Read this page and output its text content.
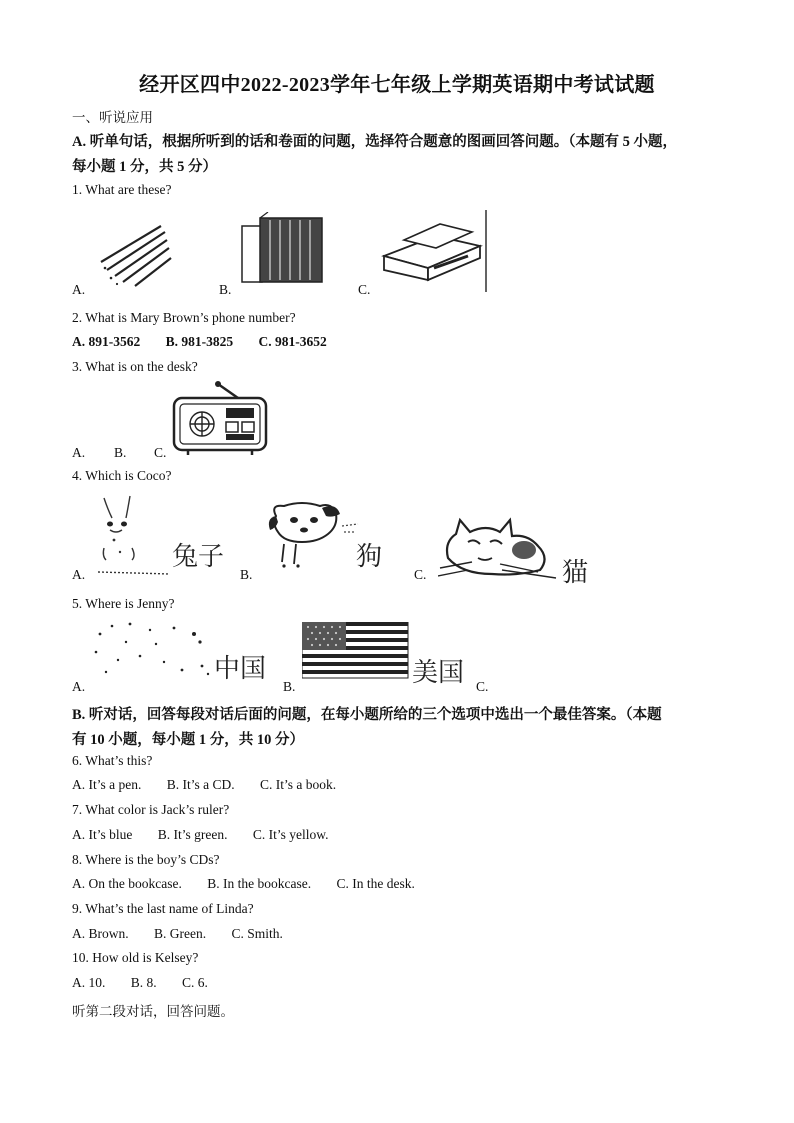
经开区四中2022-2023学年七年级上学期英语期中考试试题
一、听说应用
A. 听单句话，根据所听到的话和卷面的问题，选择符合题意的图画回答问题。（本题有 5 小题，
每小题 1 分，共 5 分）
1. What are these?
A.	B.	C.
2. What is Mary Brown’s phone number?
A. 891-3562 B. 981-3825 C. 981-3652
3. What is on the desk?
A. B. C.
4. Which is Coco?
兔子
A.
狗
B.	猫
C.
5. Where is Jenny?
中国
A.	美国
B.	C.
B. 听对话，回答每段对话后面的问题，在每小题所给的三个选项中选出一个最佳答案。（本题
有 10 小题，每小题 1 分，共 10 分）
6. What’s this?
A. It’s a pen. B. It’s a CD. C. It’s a book.
7. What color is Jack’s ruler?
A. It’s blue B. It’s green. C. It’s yellow.
8. Where is the boy’s CDs?
A. On the bookcase. B. In the bookcase. C. In the desk.
9. What’s the last name of Linda?
A. Brown. B. Green. C. Smith.
10. How old is Kelsey?
A. 10. B. 8. C. 6.
听第二段对话，回答问题。
